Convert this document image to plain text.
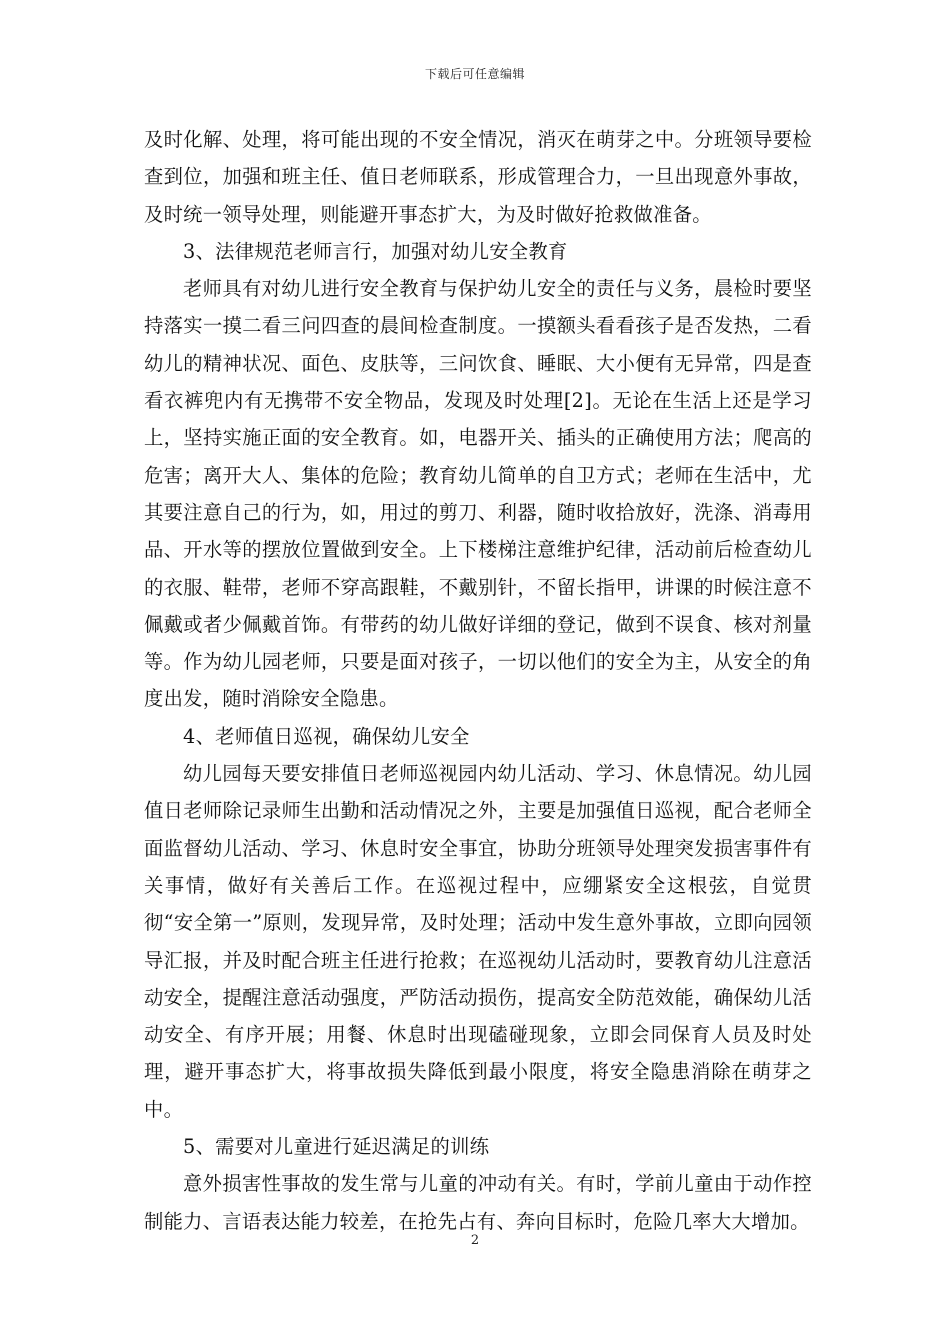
下载后可任意编辑

及时化解、处理，将可能出现的不安全情况，消灭在萌芽之中。分班领导要检查到位，加强和班主任、值日老师联系，形成管理合力，一旦出现意外事故，及时统一领导处理，则能避开事态扩大，为及时做好抢救做准备。

3、法律规范老师言行，加强对幼儿安全教育

老师具有对幼儿进行安全教育与保护幼儿安全的责任与义务，晨检时要坚持落实一摸二看三问四查的晨间检查制度。一摸额头看看孩子是否发热，二看幼儿的精神状况、面色、皮肤等，三问饮食、睡眠、大小便有无异常，四是查看衣裤兜内有无携带不安全物品，发现及时处理[2]。无论在生活上还是学习上，坚持实施正面的安全教育。如，电器开关、插头的正确使用方法；爬高的危害；离开大人、集体的危险；教育幼儿简单的自卫方式；老师在生活中，尤其要注意自己的行为，如，用过的剪刀、利器，随时收拾放好，洗涤、消毒用品、开水等的摆放位置做到安全。上下楼梯注意维护纪律，活动前后检查幼儿的衣服、鞋带，老师不穿高跟鞋，不戴别针，不留长指甲，讲课的时候注意不佩戴或者少佩戴首饰。有带药的幼儿做好详细的登记，做到不误食、核对剂量等。作为幼儿园老师，只要是面对孩子，一切以他们的安全为主，从安全的角度出发，随时消除安全隐患。

4、老师值日巡视，确保幼儿安全

幼儿园每天要安排值日老师巡视园内幼儿活动、学习、休息情况。幼儿园值日老师除记录师生出勤和活动情况之外，主要是加强值日巡视，配合老师全面监督幼儿活动、学习、休息时安全事宜，协助分班领导处理突发损害事件有关事情，做好有关善后工作。在巡视过程中，应绷紧安全这根弦，自觉贯彻“安全第一”原则，发现异常，及时处理；活动中发生意外事故，立即向园领导汇报，并及时配合班主任进行抢救；在巡视幼儿活动时，要教育幼儿注意活动安全，提醒注意活动强度，严防活动损伤，提高安全防范效能，确保幼儿活动安全、有序开展；用餐、休息时出现磕碰现象，立即会同保育人员及时处理，避开事态扩大，将事故损失降低到最小限度，将安全隐患消除在萌芽之中。

5、需要对儿童进行延迟满足的训练

意外损害性事故的发生常与儿童的冲动有关。有时，学前儿童由于动作控制能力、言语表达能力较差，在抢先占有、奔向目标时，危险几率大大增加。

2
